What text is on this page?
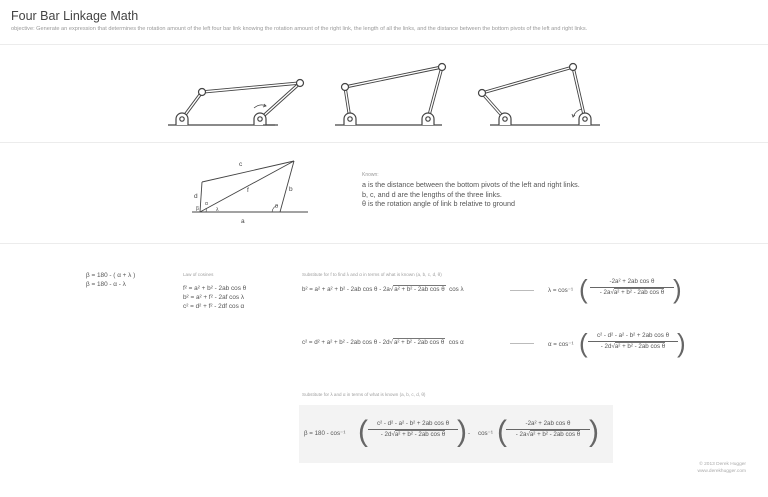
Four Bar Linkage Math
objective: Generate an expression that determines the rotation amount of the left four bar link knowing the rotation amount of the right link, the length of all the links, and the distance between the bottom pivots of the left and right links.
c
d
b
f
a
β
α
λ	θ
Known:
a is the distance between the bottom pivots of the left and right links.
b, c, and d are the lengths of the three links.
θ is the rotation angle of link b relative to ground
β = 180 - ( α + λ )
β = 180 - α - λ
Law of cosines
f² = a² + b² - 2ab cos θ
b² = a² + f² - 2af cos λ
c² = d² + f² - 2df cos α
Substitute for f to find λ and α in terms of what is known (a, b, c, d, θ)
b² = a² + a² + b² - 2ab cos θ - 2a√a² + b² - 2ab cos θ cos λ	λ = cos⁻¹ ( $\frac{\text{-2a² + 2ab cos θ}}{\text{- 2a√a² + b² - 2ab cos θ}}$ )
c² = d² + a² + b² - 2ab cos θ - 2d√a² + b² - 2ab cos θ cos α	α = cos⁻¹ ( $\frac{\text{c² - d² - a² - b² + 2ab cos θ}}{\text{- 2d√a² + b² - 2ab cos θ}}$ )
Substitute for λ and α in terms of what is known (a, b, c, d, θ)
β = 180 - cos⁻¹ ( $\frac{\text{c² - d² - a² - b² + 2ab cos θ}}{\text{- 2d√a² + b² - 2ab cos θ}}$ ) - cos⁻¹ ( $\frac{\text{-2a² + 2ab cos θ}}{\text{- 2a√a² + b² - 2ab cos θ}}$ )
© 2013 Derek Hugger
www.derekhugger.com
